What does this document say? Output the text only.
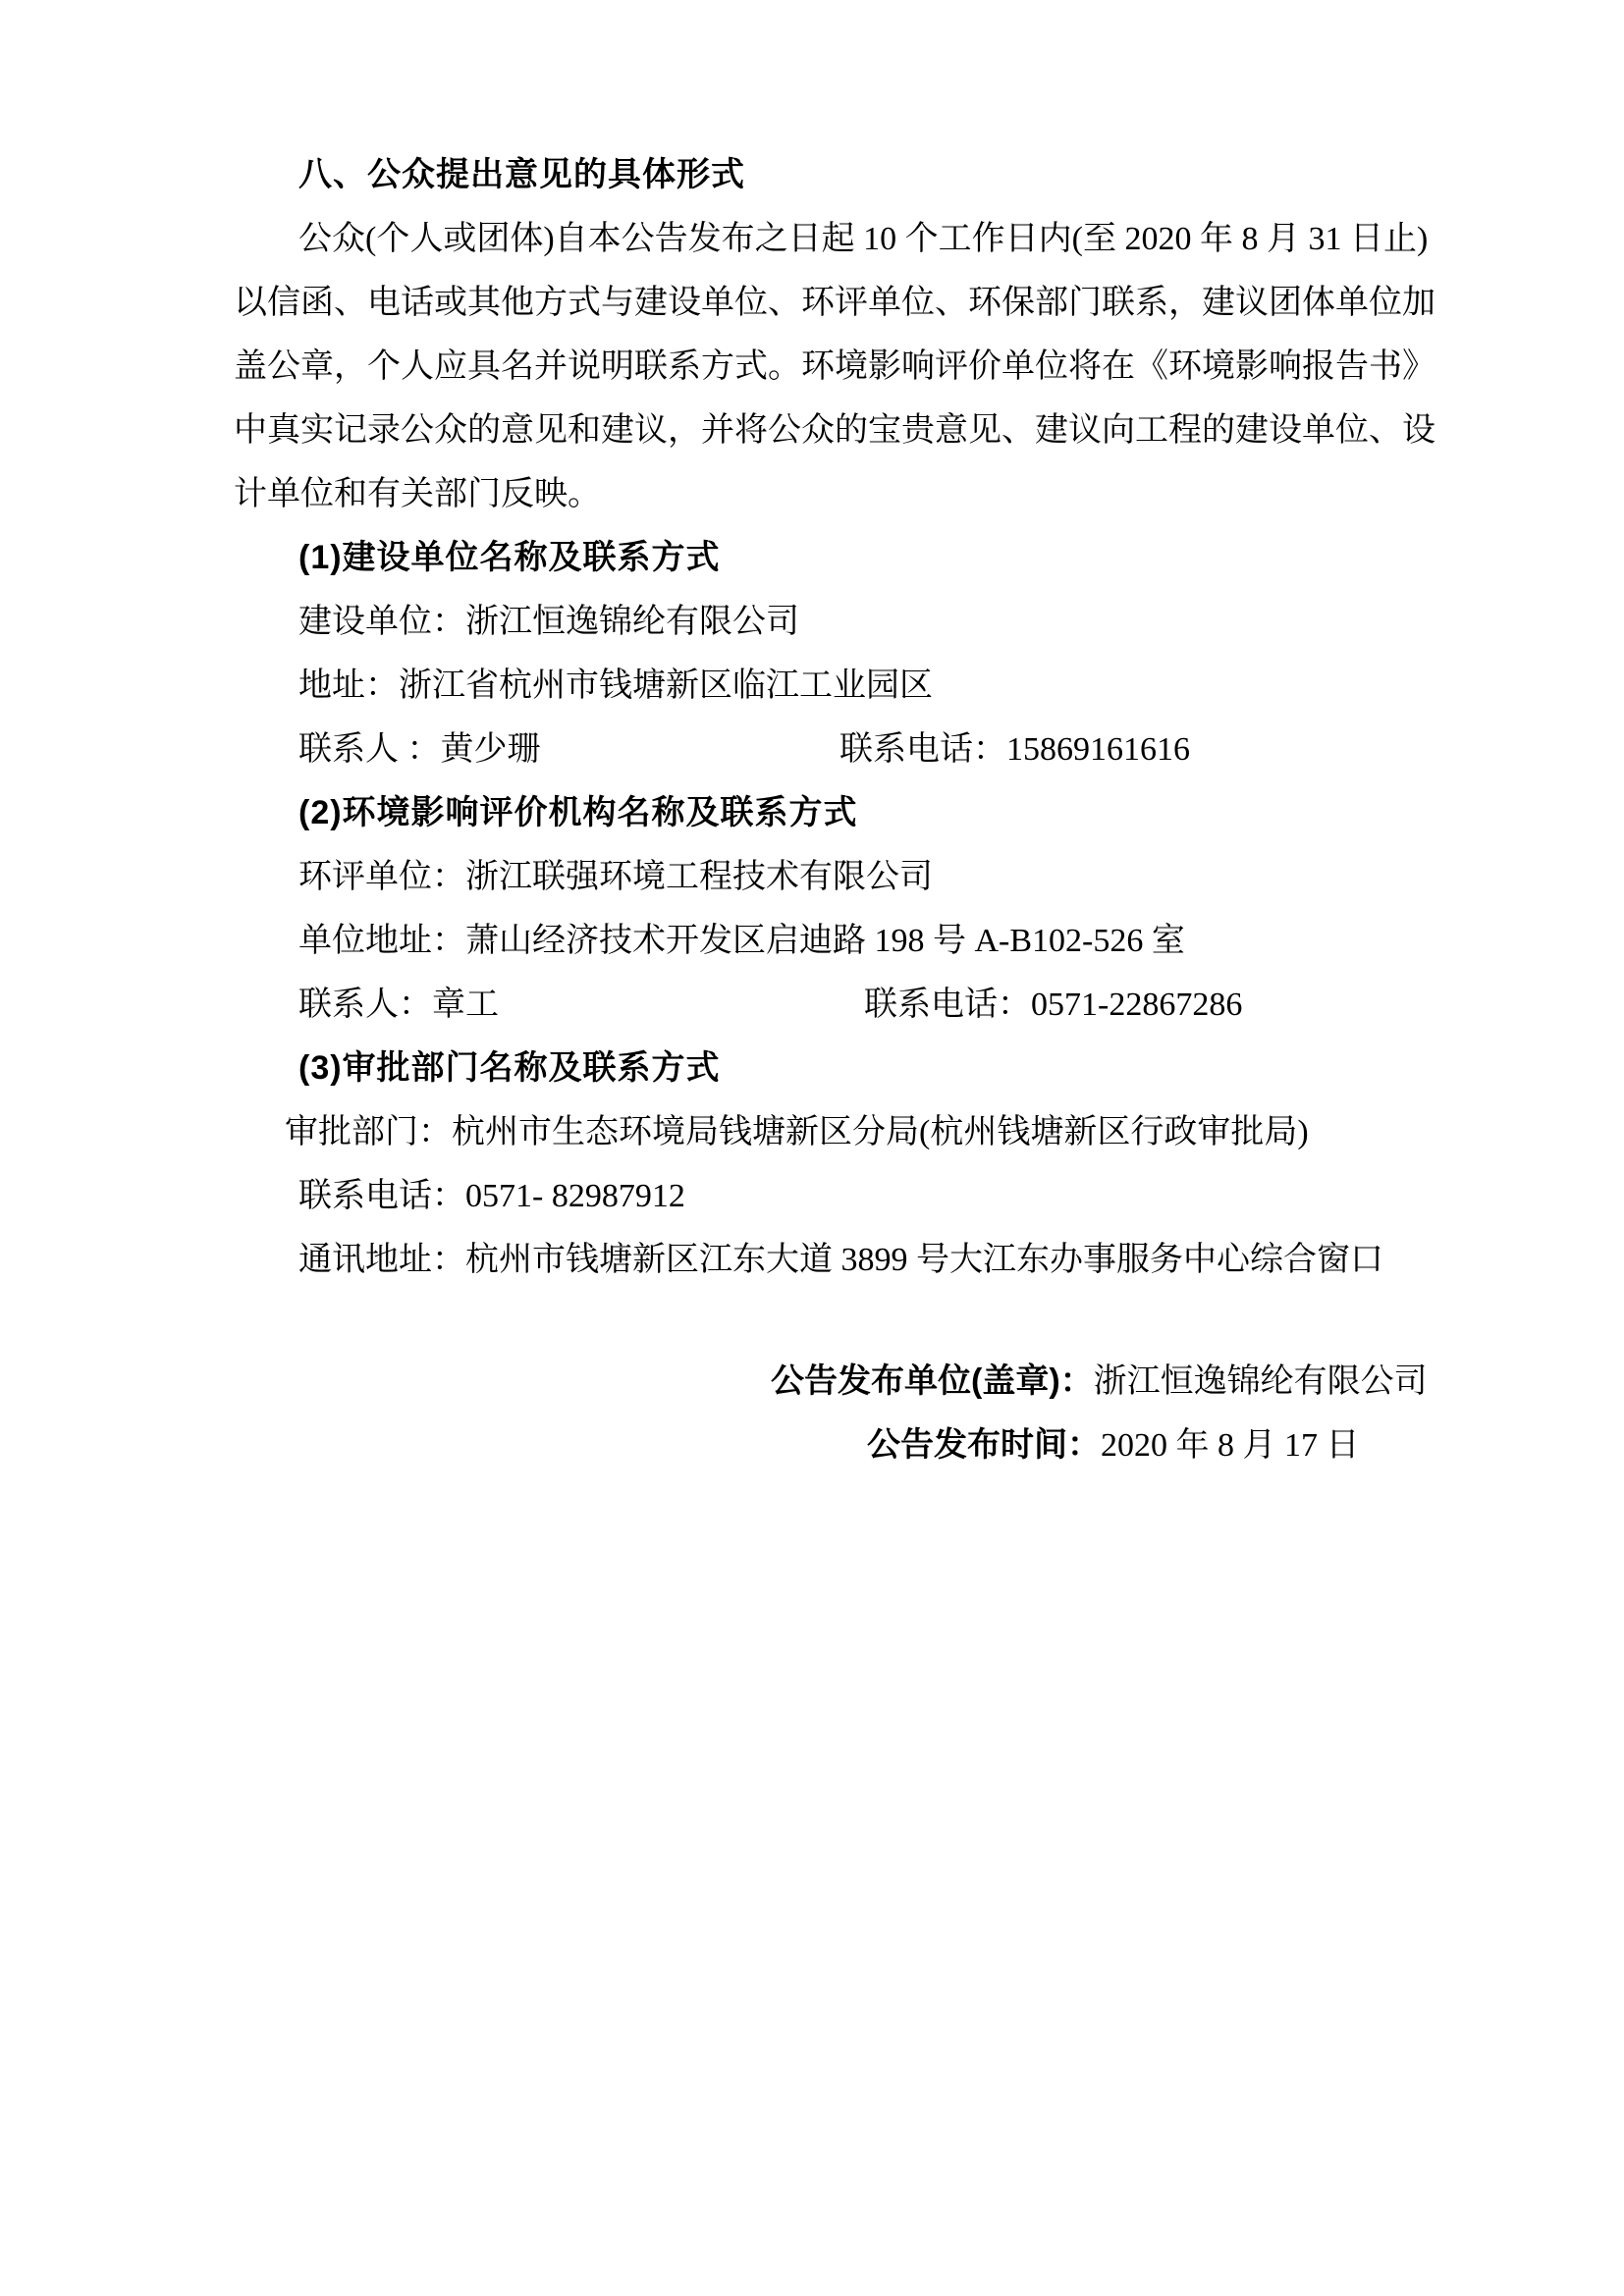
八、公众提出意见的具体形式
公众(个人或团体)自本公告发布之日起 10 个工作日内(至 2020 年 8 月 31 日止)
以信函、电话或其他方式与建设单位、环评单位、环保部门联系，建议团体单位加
盖公章，个人应具名并说明联系方式。环境影响评价单位将在《环境影响报告书》
中真实记录公众的意见和建议，并将公众的宝贵意见、建议向工程的建设单位、设
计单位和有关部门反映。
(1)建设单位名称及联系方式
建设单位：浙江恒逸锦纶有限公司
地址：浙江省杭州市钱塘新区临江工业园区
联系人 ：黄少珊	联系电话：15869161616
(2)环境影响评价机构名称及联系方式
环评单位：浙江联强环境工程技术有限公司
单位地址：萧山经济技术开发区启迪路 198 号 A-B102-526 室
联系人：章工	联系电话：0571-22867286
(3)审批部门名称及联系方式
审批部门：杭州市生态环境局钱塘新区分局(杭州钱塘新区行政审批局)
联系电话：0571- 82987912
通讯地址：杭州市钱塘新区江东大道 3899 号大江东办事服务中心综合窗口
公告发布单位(盖章)：浙江恒逸锦纶有限公司
公告发布时间：2020 年 8 月 17 日
